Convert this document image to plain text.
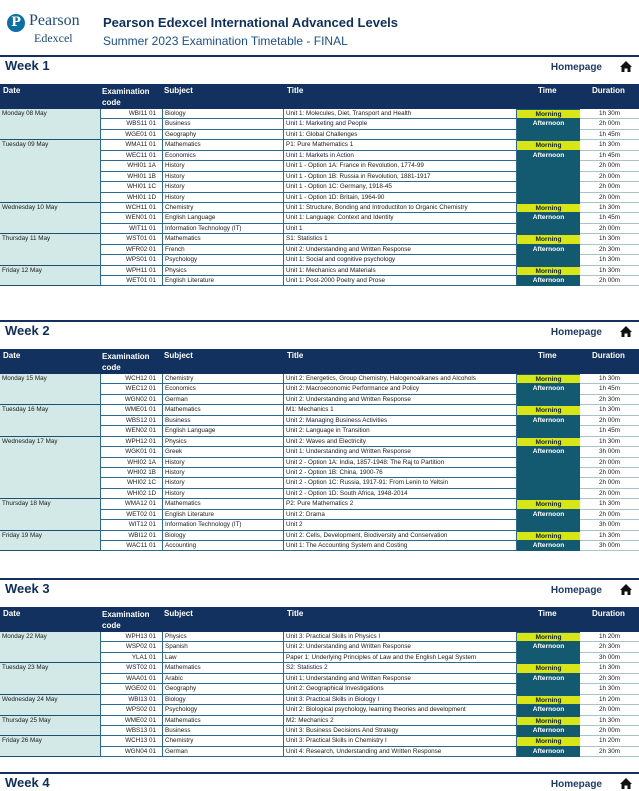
P Pearson
Edexcel
Pearson Edexcel International Advanced Levels
Summer 2023 Examination Timetable - FINAL
Week 1	Homepage
Date	Examination code
Subject	Title	Time	Duration
Monday 08 May	WBI11 01	Biology	Unit 1: Molecules, Diet, Transport and Health	Morning	1h 30m
WBS11 01	Business	Unit 1: Marketing and People	Afternoon	2h 00m
WGE01 01	Geography	Unit 1: Global Challenges	1h 45m
Tuesday 09 May	WMA11 01	Mathematics	P1: Pure Mathematics 1	Morning	1h 30m
WEC11 01	Economics	Unit 1: Markets in Action	Afternoon	1h 45m
WHI01 1A	History	Unit 1 - Option 1A: France in Revolution, 1774-99	2h 00m
WHI01 1B	History	Unit 1 - Option 1B: Russia in Revolution, 1881-1917	2h 00m
WHI01 1C	History	Unit 1 - Option 1C: Germany, 1918-45	2h 00m
WHI01 1D	History	Unit 1 - Option 1D: Britain, 1964-90	2h 00m
Wednesday 10 May	WCH11 01	Chemistry	Unit 1: Structure, Bonding and Introductiton to Organic Chemistry	Morning	1h 30m
WEN01 01	English Language	Unit 1: Language: Context and Identity	Afternoon	1h 45m
WIT11 01	Information Technology (IT)	Unit 1	2h 00m
Thursday 11 May	WST01 01	Mathematics	S1: Statistics 1	Morning	1h 30m
WFR02 01	French	Unit 2: Understanding and Written Response	Afternoon	2h 30m
WPS01 01	Psychology	Unit 1: Social and cognitive psychology	1h 30m
Friday 12 May	WPH11 01	Physics	Unit 1: Mechanics and Materials	Morning	1h 30m
WET01 01	English Literature	Unit 1: Post-2000 Poetry and Prose	Afternoon	2h 00m
Week 2	Homepage
Date	Examination code
Subject	Title	Time	Duration
Monday 15 May	WCH12 01	Chemistry	Unit 2: Energetics, Group Chemistry, Halogenoalkanes and Alcohols	Morning	1h 30m
WEC12 01	Economics	Unit 2: Macroeconomic Performance and Policy	Afternoon	1h 45m
WGN02 01	German	Unit 2: Understanding and Written Response	2h 30m
Tuesday 16 May	WME01 01	Mathematics	M1: Mechanics 1	Morning	1h 30m
WBS12 01	Business	Unit 2: Managing Business Activities	Afternoon	2h 00m
WEN02 01	English Language	Unit 2: Language in Transition	1h 45m
Wednesday 17 May	WPH12 01	Physics	Unit 2: Waves and Electricity	Morning	1h 30m
WGK01 01	Greek	Unit 1: Understanding and Written Response	Afternoon	3h 00m
WHI02 1A	History	Unit 2 - Option 1A: India, 1857-1948: The Raj to Partition	2h 00m
WHI02 1B	History	Unit 2 - Option 1B: China, 1900-76	2h 00m
WHI02 1C	History	Unit 2 - Option 1C: Russia, 1917-91: From Lenin to Yeltsin	2h 00m
WHI02 1D	History	Unit 2 - Option 1D: South Africa, 1948-2014	2h 00m
Thursday 18 May	WMA12 01	Mathematics	P2: Pure Mathematics 2	Morning	1h 30m
WET02 01	English Literature	Unit 2: Drama	Afternoon	2h 00m
WIT12 01	Information Technology (IT)	Unit 2	3h 00m
Friday 19 May	WBI12 01	Biology	Unit 2: Cells, Development, Biodiversity and Conservation	Morning	1h 30m
WAC11 01	Accounting	Unit 1: The Accounting System and Costing	Afternoon	3h 00m
Week 3	Homepage
Date	Examination code
Subject	Title	Time	Duration
Monday 22 May	WPH13 01	Physics	Unit 3: Practical Skills in Physics I	Morning	1h 20m
WSP02 01	Spanish	Unit 2: Understanding and Written Response	Afternoon	2h 30m
YLA1 01	Law	Paper 1: Underlying Principles of Law and the English Legal System	3h 00m
Tuesday 23 May	WST02 01	Mathematics	S2: Statistics 2	Morning	1h 30m
WAA01 01	Arabic	Unit 1: Understanding and Written Response	Afternoon	2h 30m
WGE02 01	Geography	Unit 2: Geographical Investigations	1h 30m
Wednesday 24 May	WBI13 01	Biology	Unit 3: Practical Skills in Biology I	Morning	1h 20m
WPS02 01	Psychology	Unit 2: Biological psychology, learning theories and development	Afternoon	2h 00m
Thursday 25 May	WME02 01	Mathematics	M2: Mechanics 2	Morning	1h 30m
WBS13 01	Business	Unit 3: Business Decisions And Strategy	Afternoon	2h 00m
Friday 26 May	WCH13 01	Chemistry	Unit 3: Practical Skills in Chemistry I	Morning	1h 20m
WGN04 01	German	Unit 4: Research, Understanding and Written Response	Afternoon	2h 30m
Week 4	Homepage
